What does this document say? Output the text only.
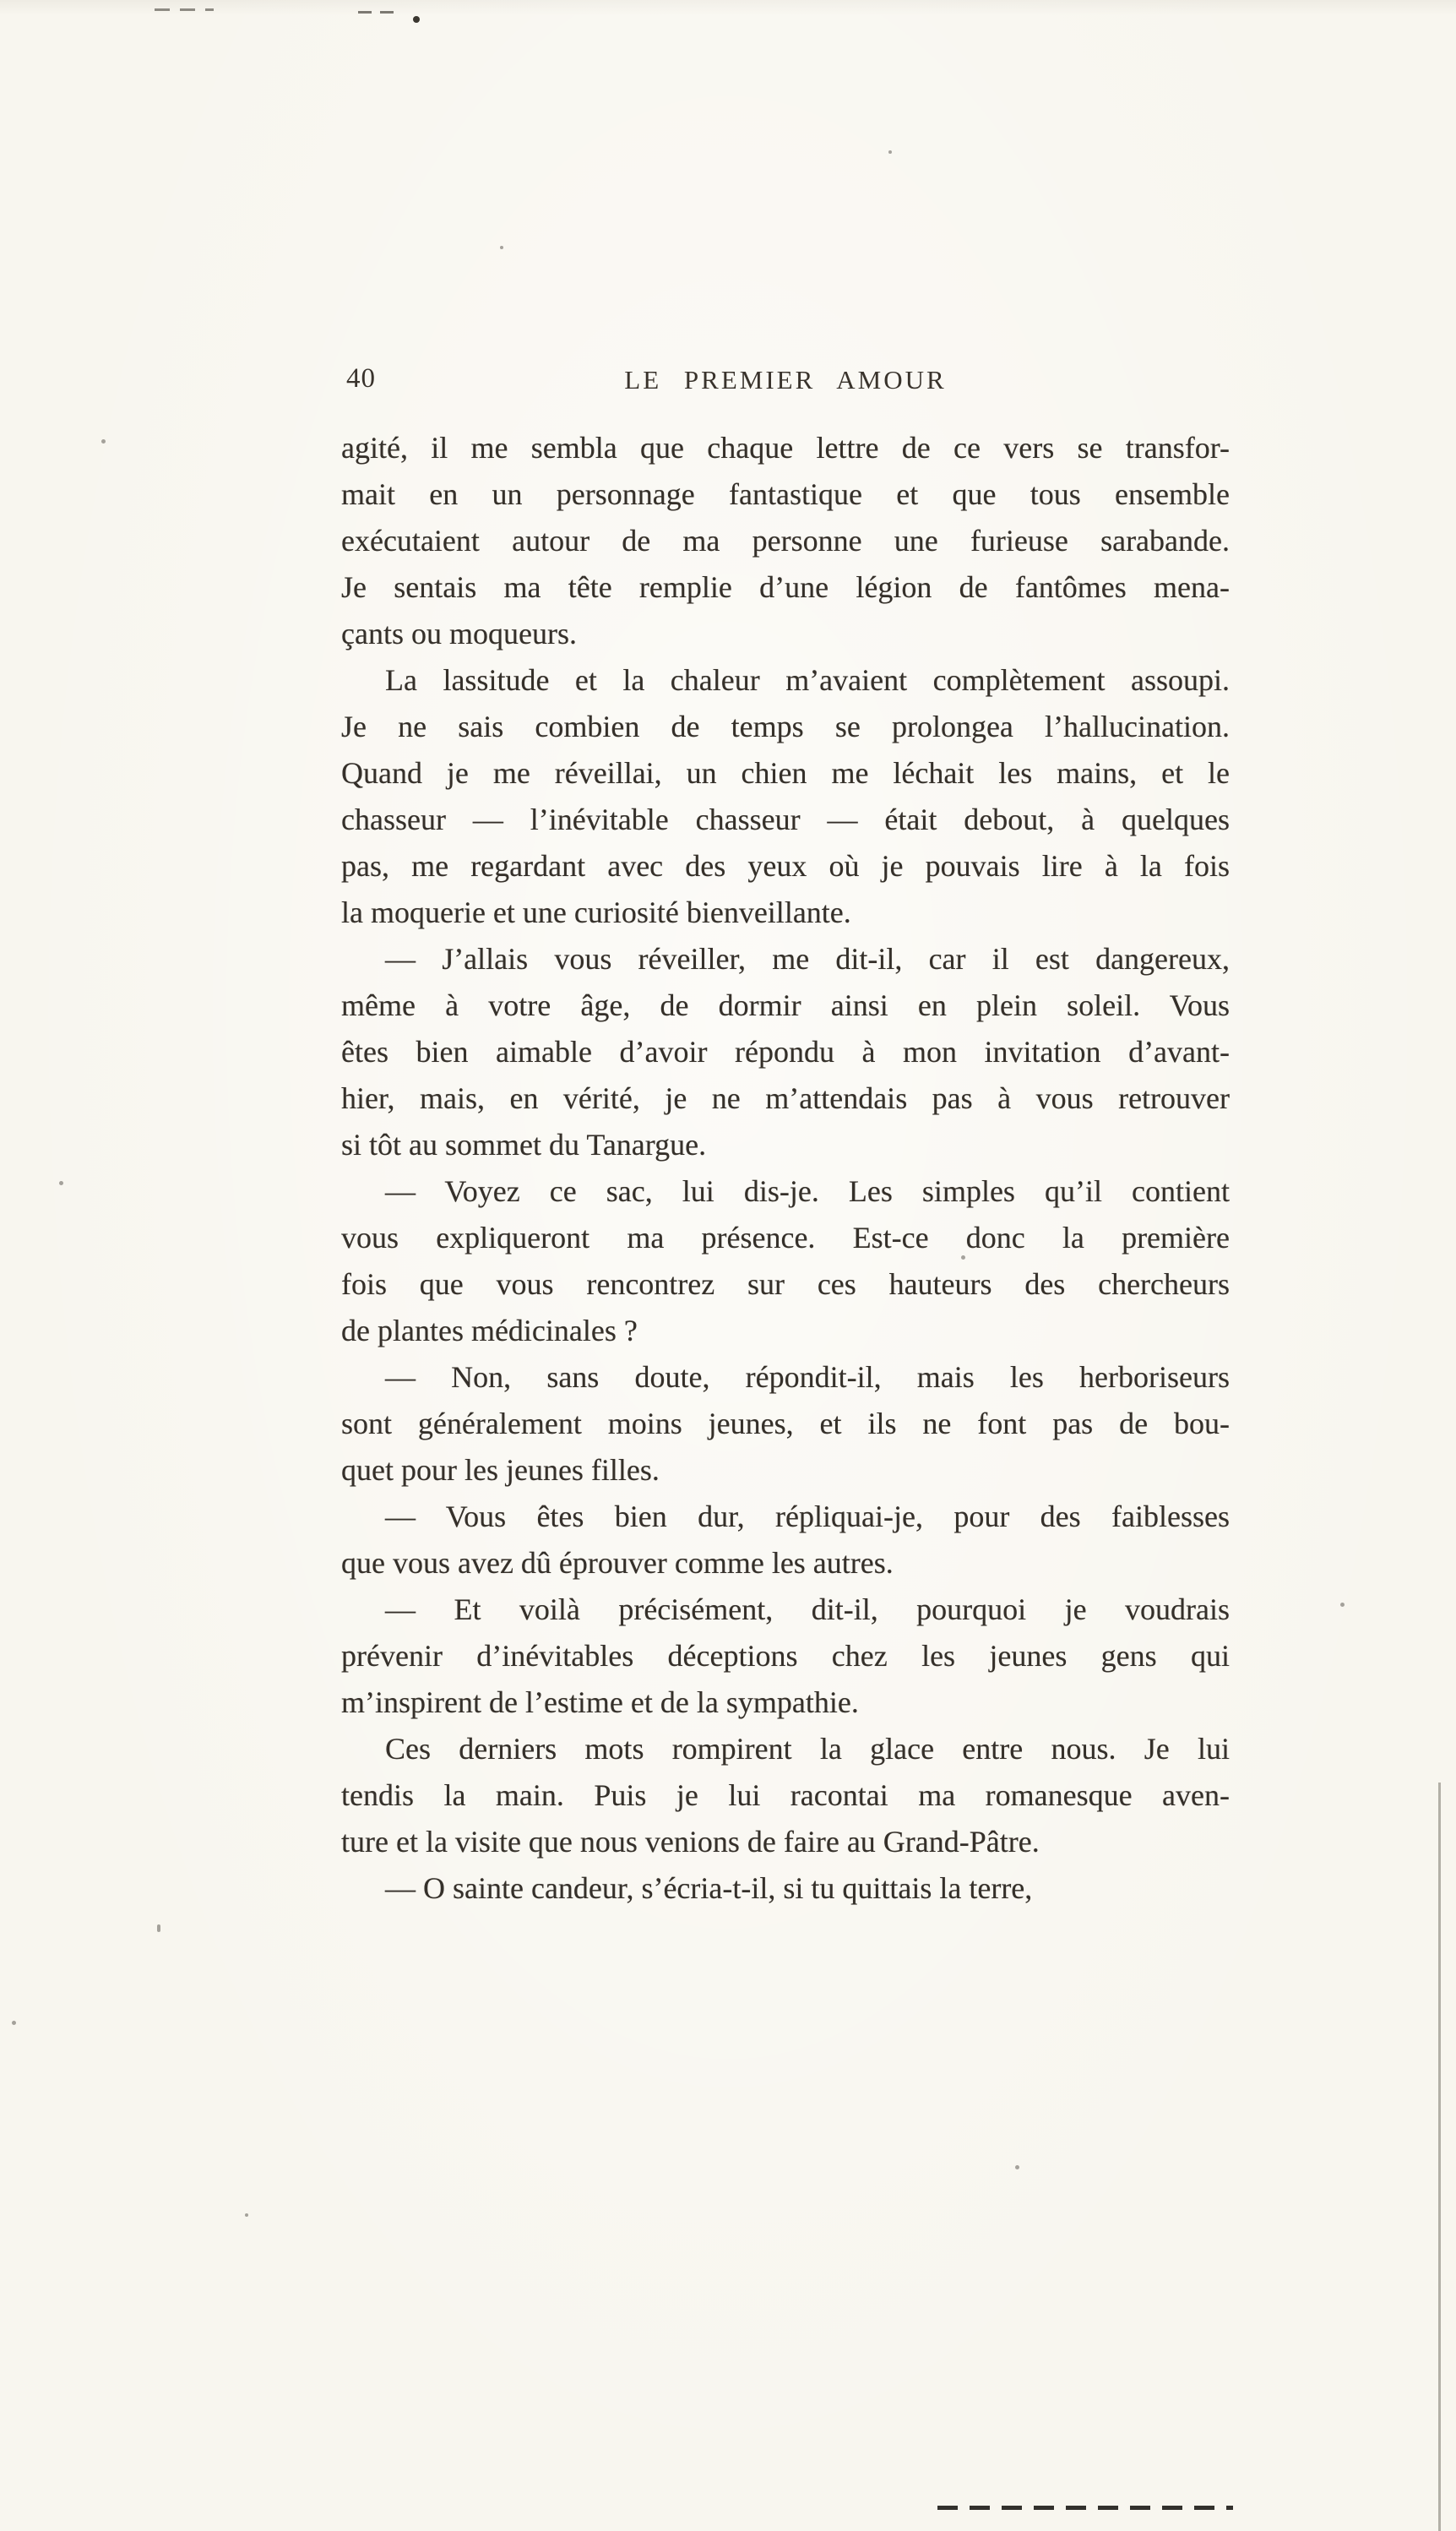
40	LE PREMIER AMOUR
agité, il me sembla que chaque lettre de ce vers se transfor-
mait en un personnage fantastique et que tous ensemble
exécutaient autour de ma personne une furieuse sarabande.
Je sentais ma tête remplie d’une légion de fantômes mena-
çants ou moqueurs.
La lassitude et la chaleur m’avaient complètement assoupi.
Je ne sais combien de temps se prolongea l’hallucination.
Quand je me réveillai, un chien me léchait les mains, et le
chasseur — l’inévitable chasseur — était debout, à quelques
pas, me regardant avec des yeux où je pouvais lire à la fois
la moquerie et une curiosité bienveillante.
— J’allais vous réveiller, me dit-il, car il est dangereux,
même à votre âge, de dormir ainsi en plein soleil. Vous
êtes bien aimable d’avoir répondu à mon invitation d’avant-
hier, mais, en vérité, je ne m’attendais pas à vous retrouver
si tôt au sommet du Tanargue.
— Voyez ce sac, lui dis-je. Les simples qu’il contient
vous expliqueront ma présence. Est-ce donc la première
fois que vous rencontrez sur ces hauteurs des chercheurs
de plantes médicinales ?
— Non, sans doute, répondit-il, mais les herboriseurs
sont généralement moins jeunes, et ils ne font pas de bou-
quet pour les jeunes filles.
— Vous êtes bien dur, répliquai-je, pour des faiblesses
que vous avez dû éprouver comme les autres.
— Et voilà précisément, dit-il, pourquoi je voudrais
prévenir d’inévitables déceptions chez les jeunes gens qui
m’inspirent de l’estime et de la sympathie.
Ces derniers mots rompirent la glace entre nous. Je lui
tendis la main. Puis je lui racontai ma romanesque aven-
ture et la visite que nous venions de faire au Grand-Pâtre.
— O sainte candeur, s’écria-t-il, si tu quittais la terre,
